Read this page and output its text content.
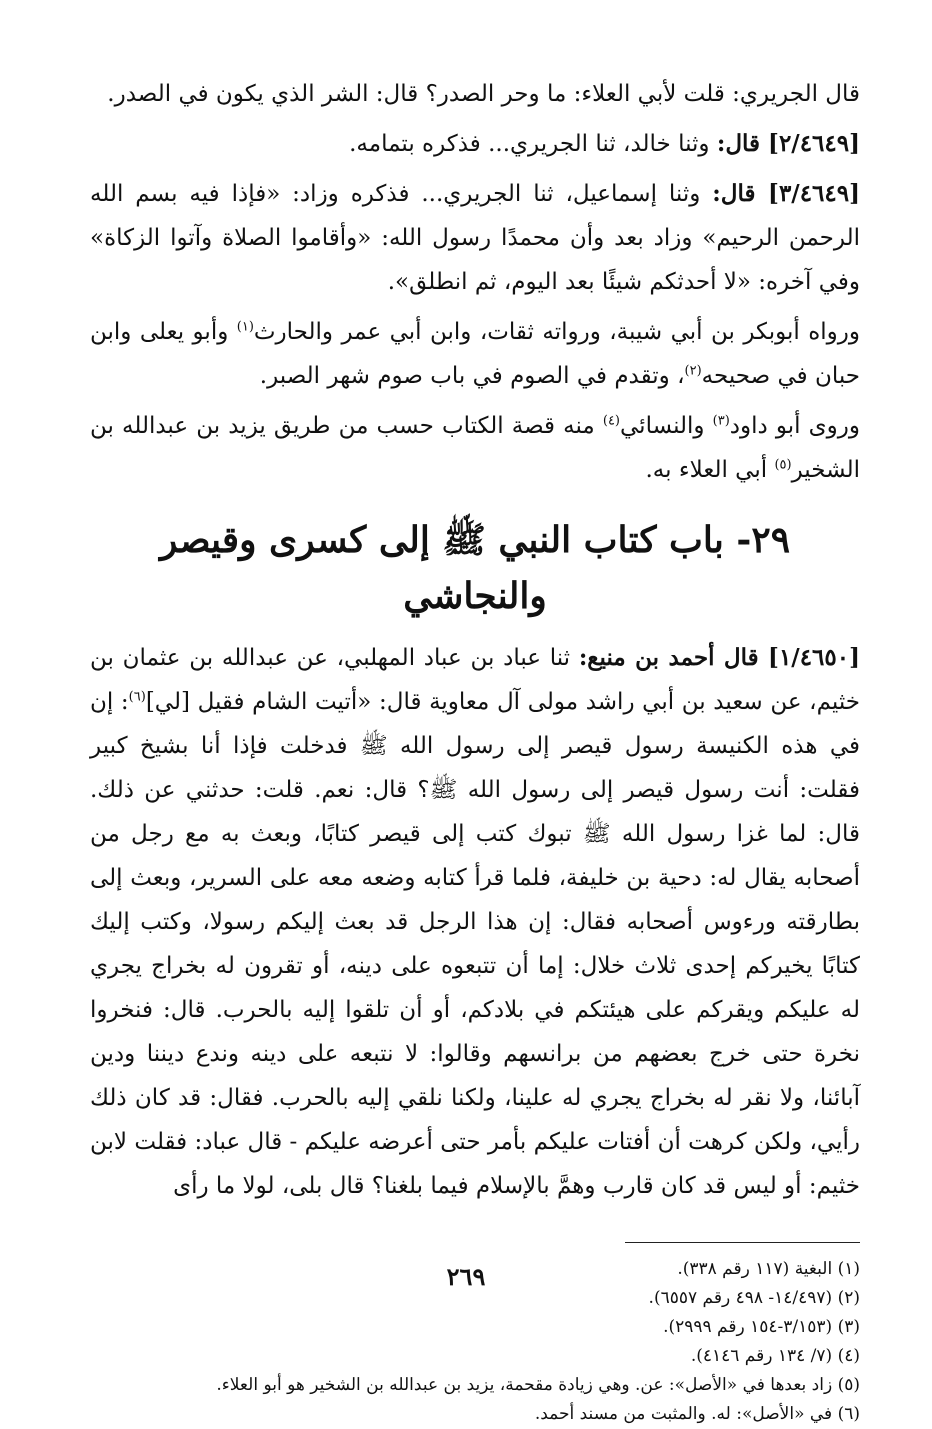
قال الجريري: قلت لأبي العلاء: ما وحر الصدر؟ قال: الشر الذي يكون في الصدر.

[٢/٤٦٤٩] قال: وثنا خالد، ثنا الجريري... فذكره بتمامه.

[٣/٤٦٤٩] قال: وثنا إسماعيل، ثنا الجريري... فذكره وزاد: «فإذا فيه بسم الله الرحمن الرحيم» وزاد بعد وأن محمدًا رسول الله: «وأقاموا الصلاة وآتوا الزكاة» وفي آخره: «لا أحدثكم شيئًا بعد اليوم، ثم انطلق».

ورواه أبوبكر بن أبي شيبة، ورواته ثقات، وابن أبي عمر والحارث$^{(١)}$ وأبو يعلى وابن حبان في صحيحه$^{(٢)}$، وتقدم في الصوم في باب صوم شهر الصبر.

وروى أبو داود$^{(٣)}$ والنسائي$^{(٤)}$ منه قصة الكتاب حسب من طريق يزيد بن عبدالله بن الشخير$^{(٥)}$ أبي العلاء به.

٢٩- باب كتاب النبي ﷺ إلى كسرى وقيصر والنجاشي

[١/٤٦٥٠] قال أحمد بن منيع: ثنا عباد بن عباد المهلبي، عن عبدالله بن عثمان بن خثيم، عن سعيد بن أبي راشد مولى آل معاوية قال: «أتيت الشام فقيل [لي]$^{(٦)}$: إن في هذه الكنيسة رسول قيصر إلى رسول الله ﷺ فدخلت فإذا أنا بشيخ كبير فقلت: أنت رسول قيصر إلى رسول الله ﷺ؟ قال: نعم. قلت: حدثني عن ذلك. قال: لما غزا رسول الله ﷺ تبوك كتب إلى قيصر كتابًا، وبعث به مع رجل من أصحابه يقال له: دحية بن خليفة، فلما قرأ كتابه وضعه معه على السرير، وبعث إلى بطارقته ورءوس أصحابه فقال: إن هذا الرجل قد بعث إليكم رسولا، وكتب إليك كتابًا يخيركم إحدى ثلاث خلال: إما أن تتبعوه على دينه، أو تقرون له بخراج يجري له عليكم ويقركم على هيئتكم في بلادكم، أو أن تلقوا إليه بالحرب. قال: فنخروا نخرة حتى خرج بعضهم من برانسهم وقالوا: لا نتبعه على دينه وندع ديننا ودين آبائنا، ولا نقر له بخراج يجري له علينا، ولكنا نلقي إليه بالحرب. فقال: قد كان ذلك رأيي، ولكن كرهت أن أفتات عليكم بأمر حتى أعرضه عليكم - قال عباد: فقلت لابن خثيم: أو ليس قد كان قارب وهمَّ بالإسلام فيما بلغنا؟ قال بلى، لولا ما رأى

(١) البغية (١١٧ رقم ٣٣٨).

(٢) (١٤/٤٩٧- ٤٩٨ رقم ٦٥٥٧).

(٣) (٣/١٥٣-١٥٤ رقم ٢٩٩٩).

(٤) (٧/ ١٣٤ رقم ٤١٤٦).

(٥) زاد بعدها في «الأصل»: عن. وهي زيادة مقحمة، يزيد بن عبدالله بن الشخير هو أبو العلاء.

(٦) في «الأصل»: له. والمثبت من مسند أحمد.

٢٦٩
